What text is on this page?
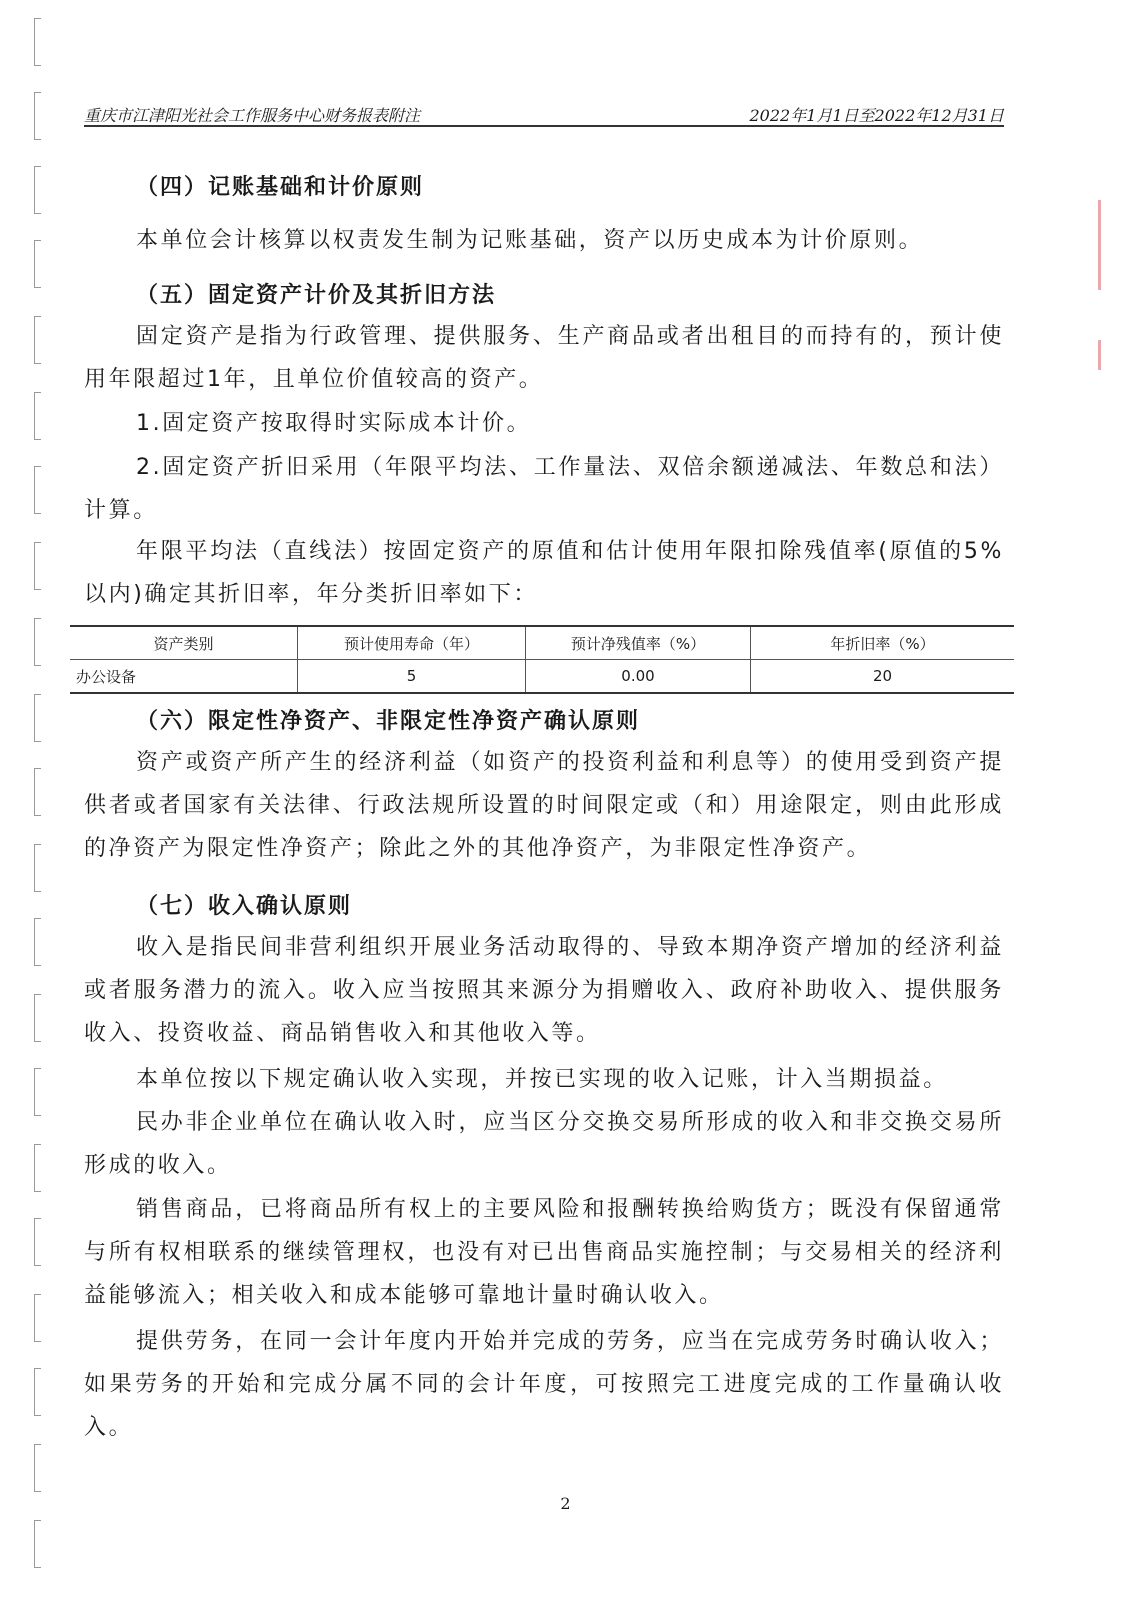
重庆市江津阳光社会工作服务中心财务报表附注	2022年1月1日至2022年12月31日
（四）记账基础和计价原则
本单位会计核算以权责发生制为记账基础，资产以历史成本为计价原则。
（五）固定资产计价及其折旧方法
固定资产是指为行政管理、提供服务、生产商品或者出租目的而持有的，预计使用年限超过1年，且单位价值较高的资产。
1.固定资产按取得时实际成本计价。
2.固定资产折旧采用（年限平均法、工作量法、双倍余额递减法、年数总和法）计算。
年限平均法（直线法）按固定资产的原值和估计使用年限扣除残值率(原值的5%以内)确定其折旧率，年分类折旧率如下：
资产类别	预计使用寿命（年）	预计净残值率（%）	年折旧率（%）
办公设备	5	0.00	20
（六）限定性净资产、非限定性净资产确认原则
资产或资产所产生的经济利益（如资产的投资利益和利息等）的使用受到资产提供者或者国家有关法律、行政法规所设置的时间限定或（和）用途限定，则由此形成的净资产为限定性净资产；除此之外的其他净资产，为非限定性净资产。
（七）收入确认原则
收入是指民间非营利组织开展业务活动取得的、导致本期净资产增加的经济利益或者服务潜力的流入。收入应当按照其来源分为捐赠收入、政府补助收入、提供服务收入、投资收益、商品销售收入和其他收入等。
本单位按以下规定确认收入实现，并按已实现的收入记账，计入当期损益。
民办非企业单位在确认收入时，应当区分交换交易所形成的收入和非交换交易所形成的收入。
销售商品，已将商品所有权上的主要风险和报酬转换给购货方；既没有保留通常与所有权相联系的继续管理权，也没有对已出售商品实施控制；与交易相关的经济利益能够流入；相关收入和成本能够可靠地计量时确认收入。
提供劳务，在同一会计年度内开始并完成的劳务，应当在完成劳务时确认收入；如果劳务的开始和完成分属不同的会计年度，可按照完工进度完成的工作量确认收入。
2
